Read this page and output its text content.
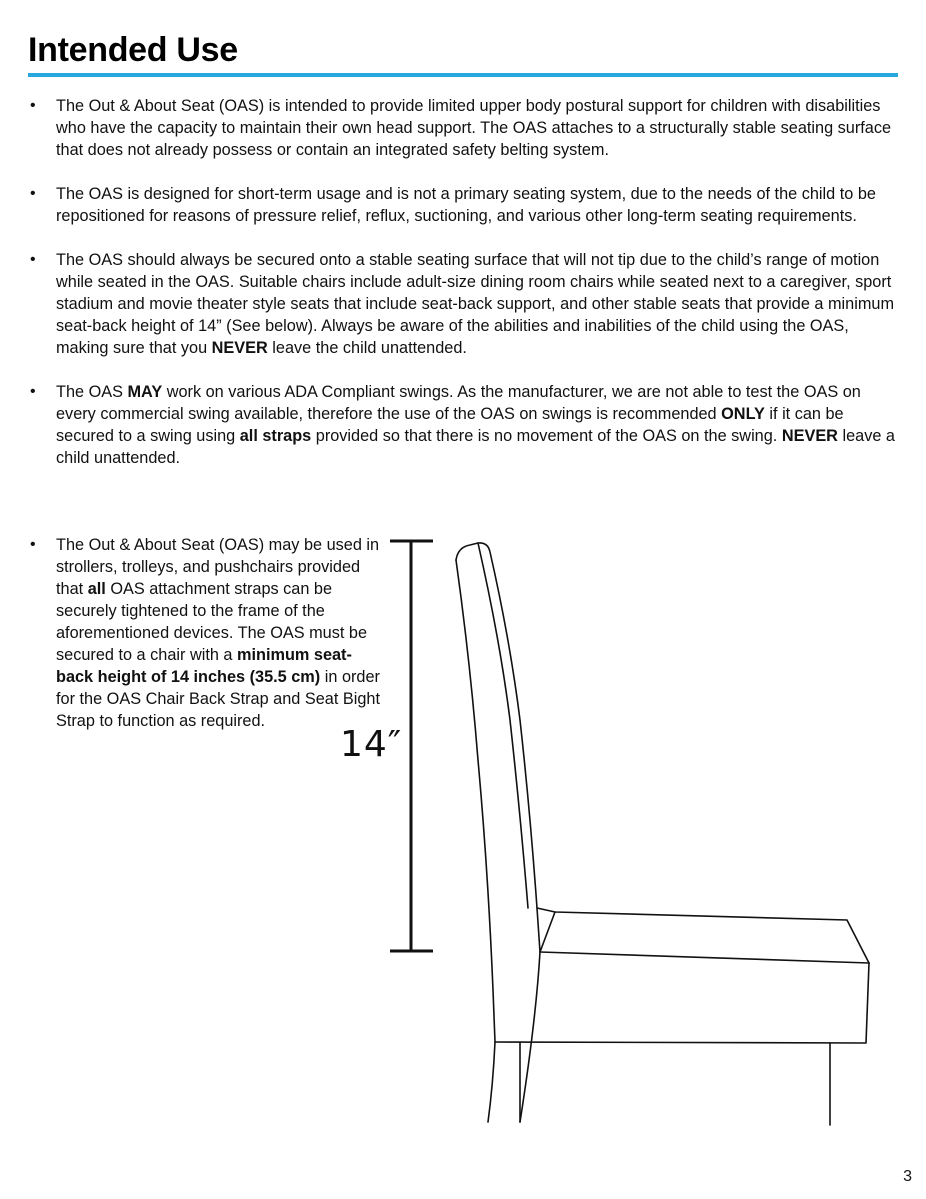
Intended Use
• The Out & About Seat (OAS) is intended to provide limited upper body postural support for children with disabilities who have the capacity to maintain their own head support. The OAS attaches to a structurally stable seating surface that does not already possess or contain an integrated safety belting system.
• The OAS is designed for short-term usage and is not a primary seating system, due to the needs of the child to be repositioned for reasons of pressure relief, reflux, suctioning, and various other long-term seating requirements.
• The OAS should always be secured onto a stable seating surface that will not tip due to the child’s range of motion while seated in the OAS. Suitable chairs include adult-size dining room chairs while seated next to a caregiver, sport stadium and movie theater style seats that include seat-back support, and other stable seats that provide a minimum seat-back height of 14” (See below). Always be aware of the abilities and inabilities of the child using the OAS, making sure that you NEVER leave the child unattended.
• The OAS MAY work on various ADA Compliant swings. As the manufacturer, we are not able to test the OAS on every commercial swing available, therefore the use of the OAS on swings is recommended ONLY if it can be secured to a swing using all straps provided so that there is no movement of the OAS on the swing. NEVER leave a child unattended.
• The Out & About Seat (OAS) may be used in strollers, trolleys, and pushchairs provided that all OAS attachment straps can be securely tightened to the frame of the aforementioned devices. The OAS must be secured to a chair with a minimum seat-back height of 14 inches (35.5 cm) in order for the OAS Chair Back Strap and Seat Bight Strap to function as required.
14″
3
